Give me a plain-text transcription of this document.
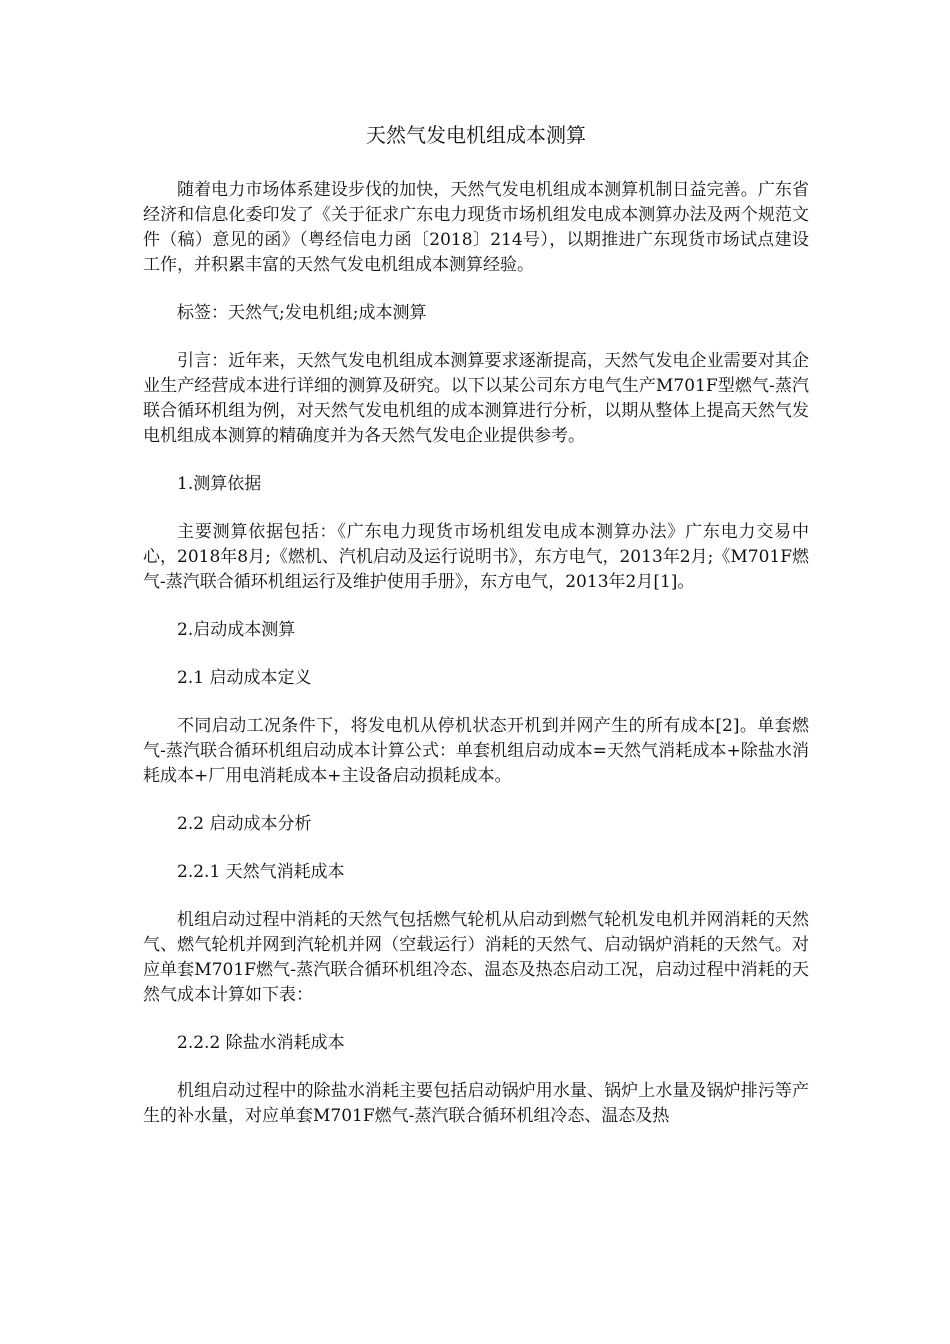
天然气发电机组成本测算

随着电力市场体系建设步伐的加快，天然气发电机组成本测算机制日益完善。广东省经济和信息化委印发了《关于征求广东电力现货市场机组发电成本测算办法及两个规范文件（稿）意见的函》（粤经信电力函〔2018〕214号），以期推进广东现货市场试点建设工作，并积累丰富的天然气发电机组成本测算经验。

标签：天然气;发电机组;成本测算

引言：近年来，天然气发电机组成本测算要求逐渐提高，天然气发电企业需要对其企业生产经营成本进行详细的测算及研究。以下以某公司东方电气生产M701F型燃气-蒸汽联合循环机组为例，对天然气发电机组的成本测算进行分析，以期从整体上提高天然气发电机组成本测算的精确度并为各天然气发电企业提供参考。

1.测算依据

主要测算依据包括：《广东电力现货市场机组发电成本测算办法》广东电力交易中心，2018年8月;《燃机、汽机启动及运行说明书》，东方电气，2013年2月;《M701F燃气-蒸汽联合循环机组运行及维护使用手册》，东方电气，2013年2月[1]。

2.启动成本测算

2.1 启动成本定义

不同启动工况条件下，将发电机从停机状态开机到并网产生的所有成本[2]。单套燃气-蒸汽联合循环机组启动成本计算公式：单套机组启动成本=天然气消耗成本+除盐水消耗成本+厂用电消耗成本+主设备启动损耗成本。

2.2 启动成本分析

2.2.1 天然气消耗成本

机组启动过程中消耗的天然气包括燃气轮机从启动到燃气轮机发电机并网消耗的天然气、燃气轮机并网到汽轮机并网（空载运行）消耗的天然气、启动锅炉消耗的天然气。对应单套M701F燃气-蒸汽联合循环机组冷态、温态及热态启动工况，启动过程中消耗的天然气成本计算如下表：

2.2.2 除盐水消耗成本

机组启动过程中的除盐水消耗主要包括启动锅炉用水量、锅炉上水量及锅炉排污等产生的补水量，对应单套M701F燃气-蒸汽联合循环机组冷态、温态及热
